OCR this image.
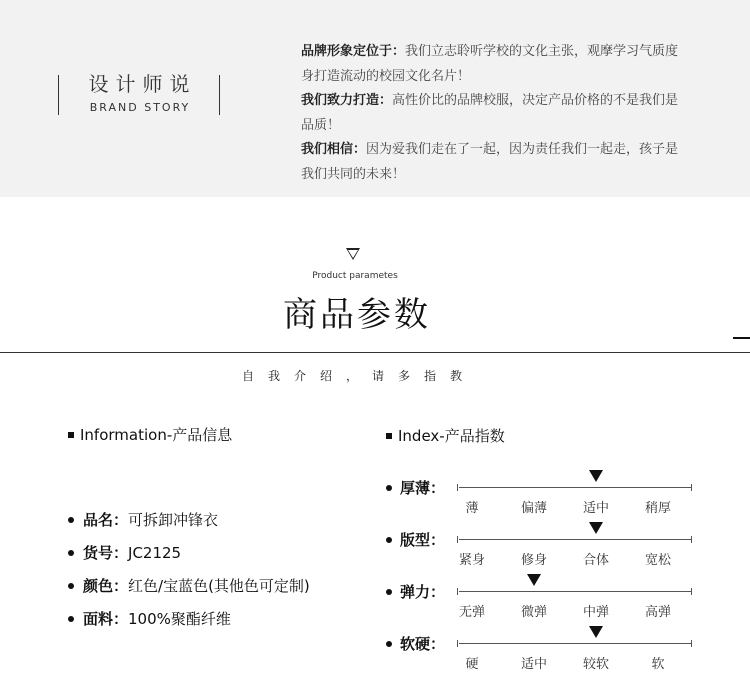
设计师说
BRAND STORY

品牌形象定位于：我们立志聆听学校的文化主张，观摩学习气质度身打造流动的校园文化名片！

我们致力打造：高性价比的品牌校服，决定产品价格的不是我们是品质！

我们相信：因为爱我们走在了一起，因为责任我们一起走，孩子是我们共同的未来！

Product parametes
商品参数
自我介绍，请多指教
Information-产品信息
品名：可拆卸冲锋衣
货号：JC2125
颜色：红色/宝蓝色(其他色可定制)
面料：100%聚酯纤维
Index-产品指数
厚薄：
薄	偏薄	适中	稍厚
版型：
紧身	修身	合体	宽松
弹力：
无弹	微弹	中弹	高弹
软硬：
硬	适中	较软	软
